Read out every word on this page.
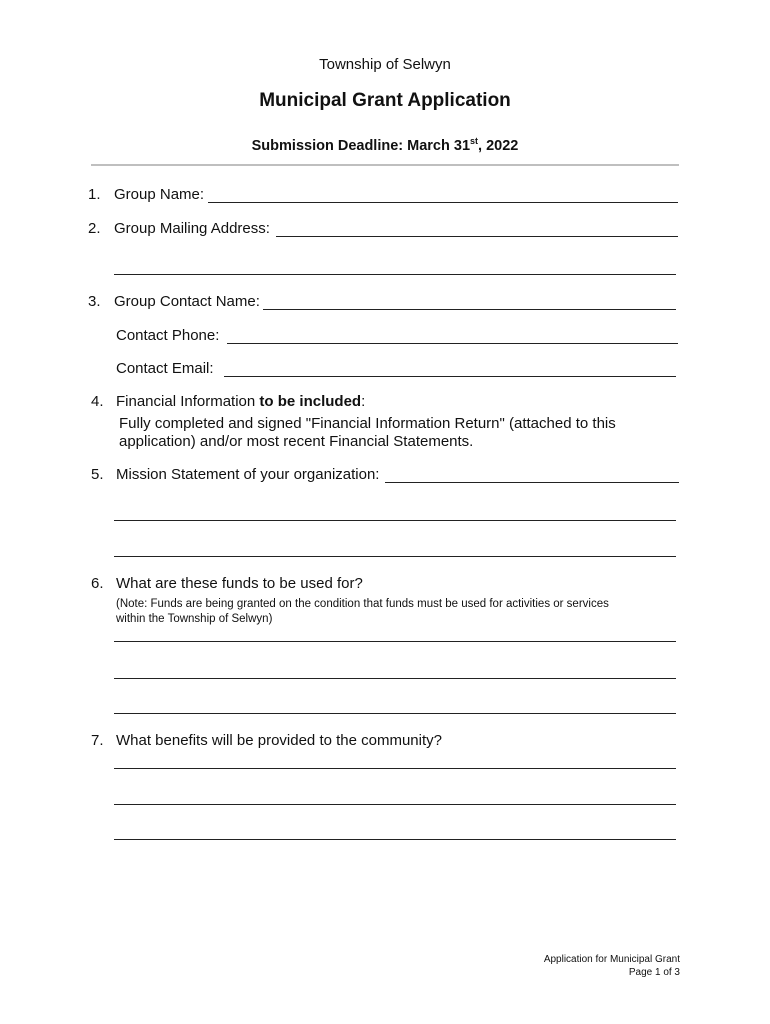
Township of Selwyn
Municipal Grant Application
Submission Deadline: March 31st, 2022
1. Group Name:
2. Group Mailing Address:
3. Group Contact Name:
Contact Phone:
Contact Email:
4. Financial Information to be included:
Fully completed and signed "Financial Information Return" (attached to this
application) and/or most recent Financial Statements.
5. Mission Statement of your organization:
6. What are these funds to be used for?
(Note: Funds are being granted on the condition that funds must be used for activities or services
within the Township of Selwyn)
7. What benefits will be provided to the community?
Application for Municipal Grant
Page 1 of 3
